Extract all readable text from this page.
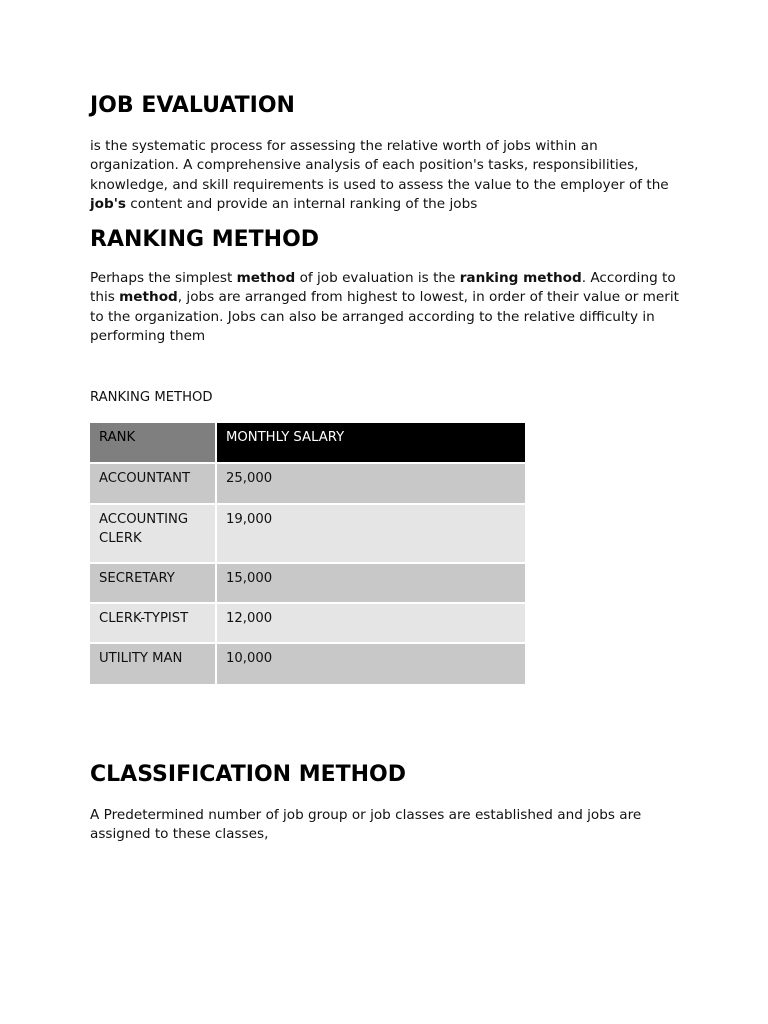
JOB EVALUATION

is the systematic process for assessing the relative worth of jobs within an organization. A comprehensive analysis of each position's tasks, responsibilities, knowledge, and skill requirements is used to assess the value to the employer of the job's content and provide an internal ranking of the jobs

RANKING METHOD

Perhaps the simplest method of job evaluation is the ranking method. According to this method, jobs are arranged from highest to lowest, in order of their value or merit to the organization. Jobs can also be arranged according to the relative difficulty in performing them

RANKING METHOD
RANK	MONTHLY SALARY
ACCOUNTANT	25,000
ACCOUNTING CLERK	19,000
SECRETARY	15,000
CLERK-TYPIST	12,000
UTILITY MAN	10,000
CLASSIFICATION METHOD

A Predetermined number of job group or job classes are established and jobs are assigned to these classes,
